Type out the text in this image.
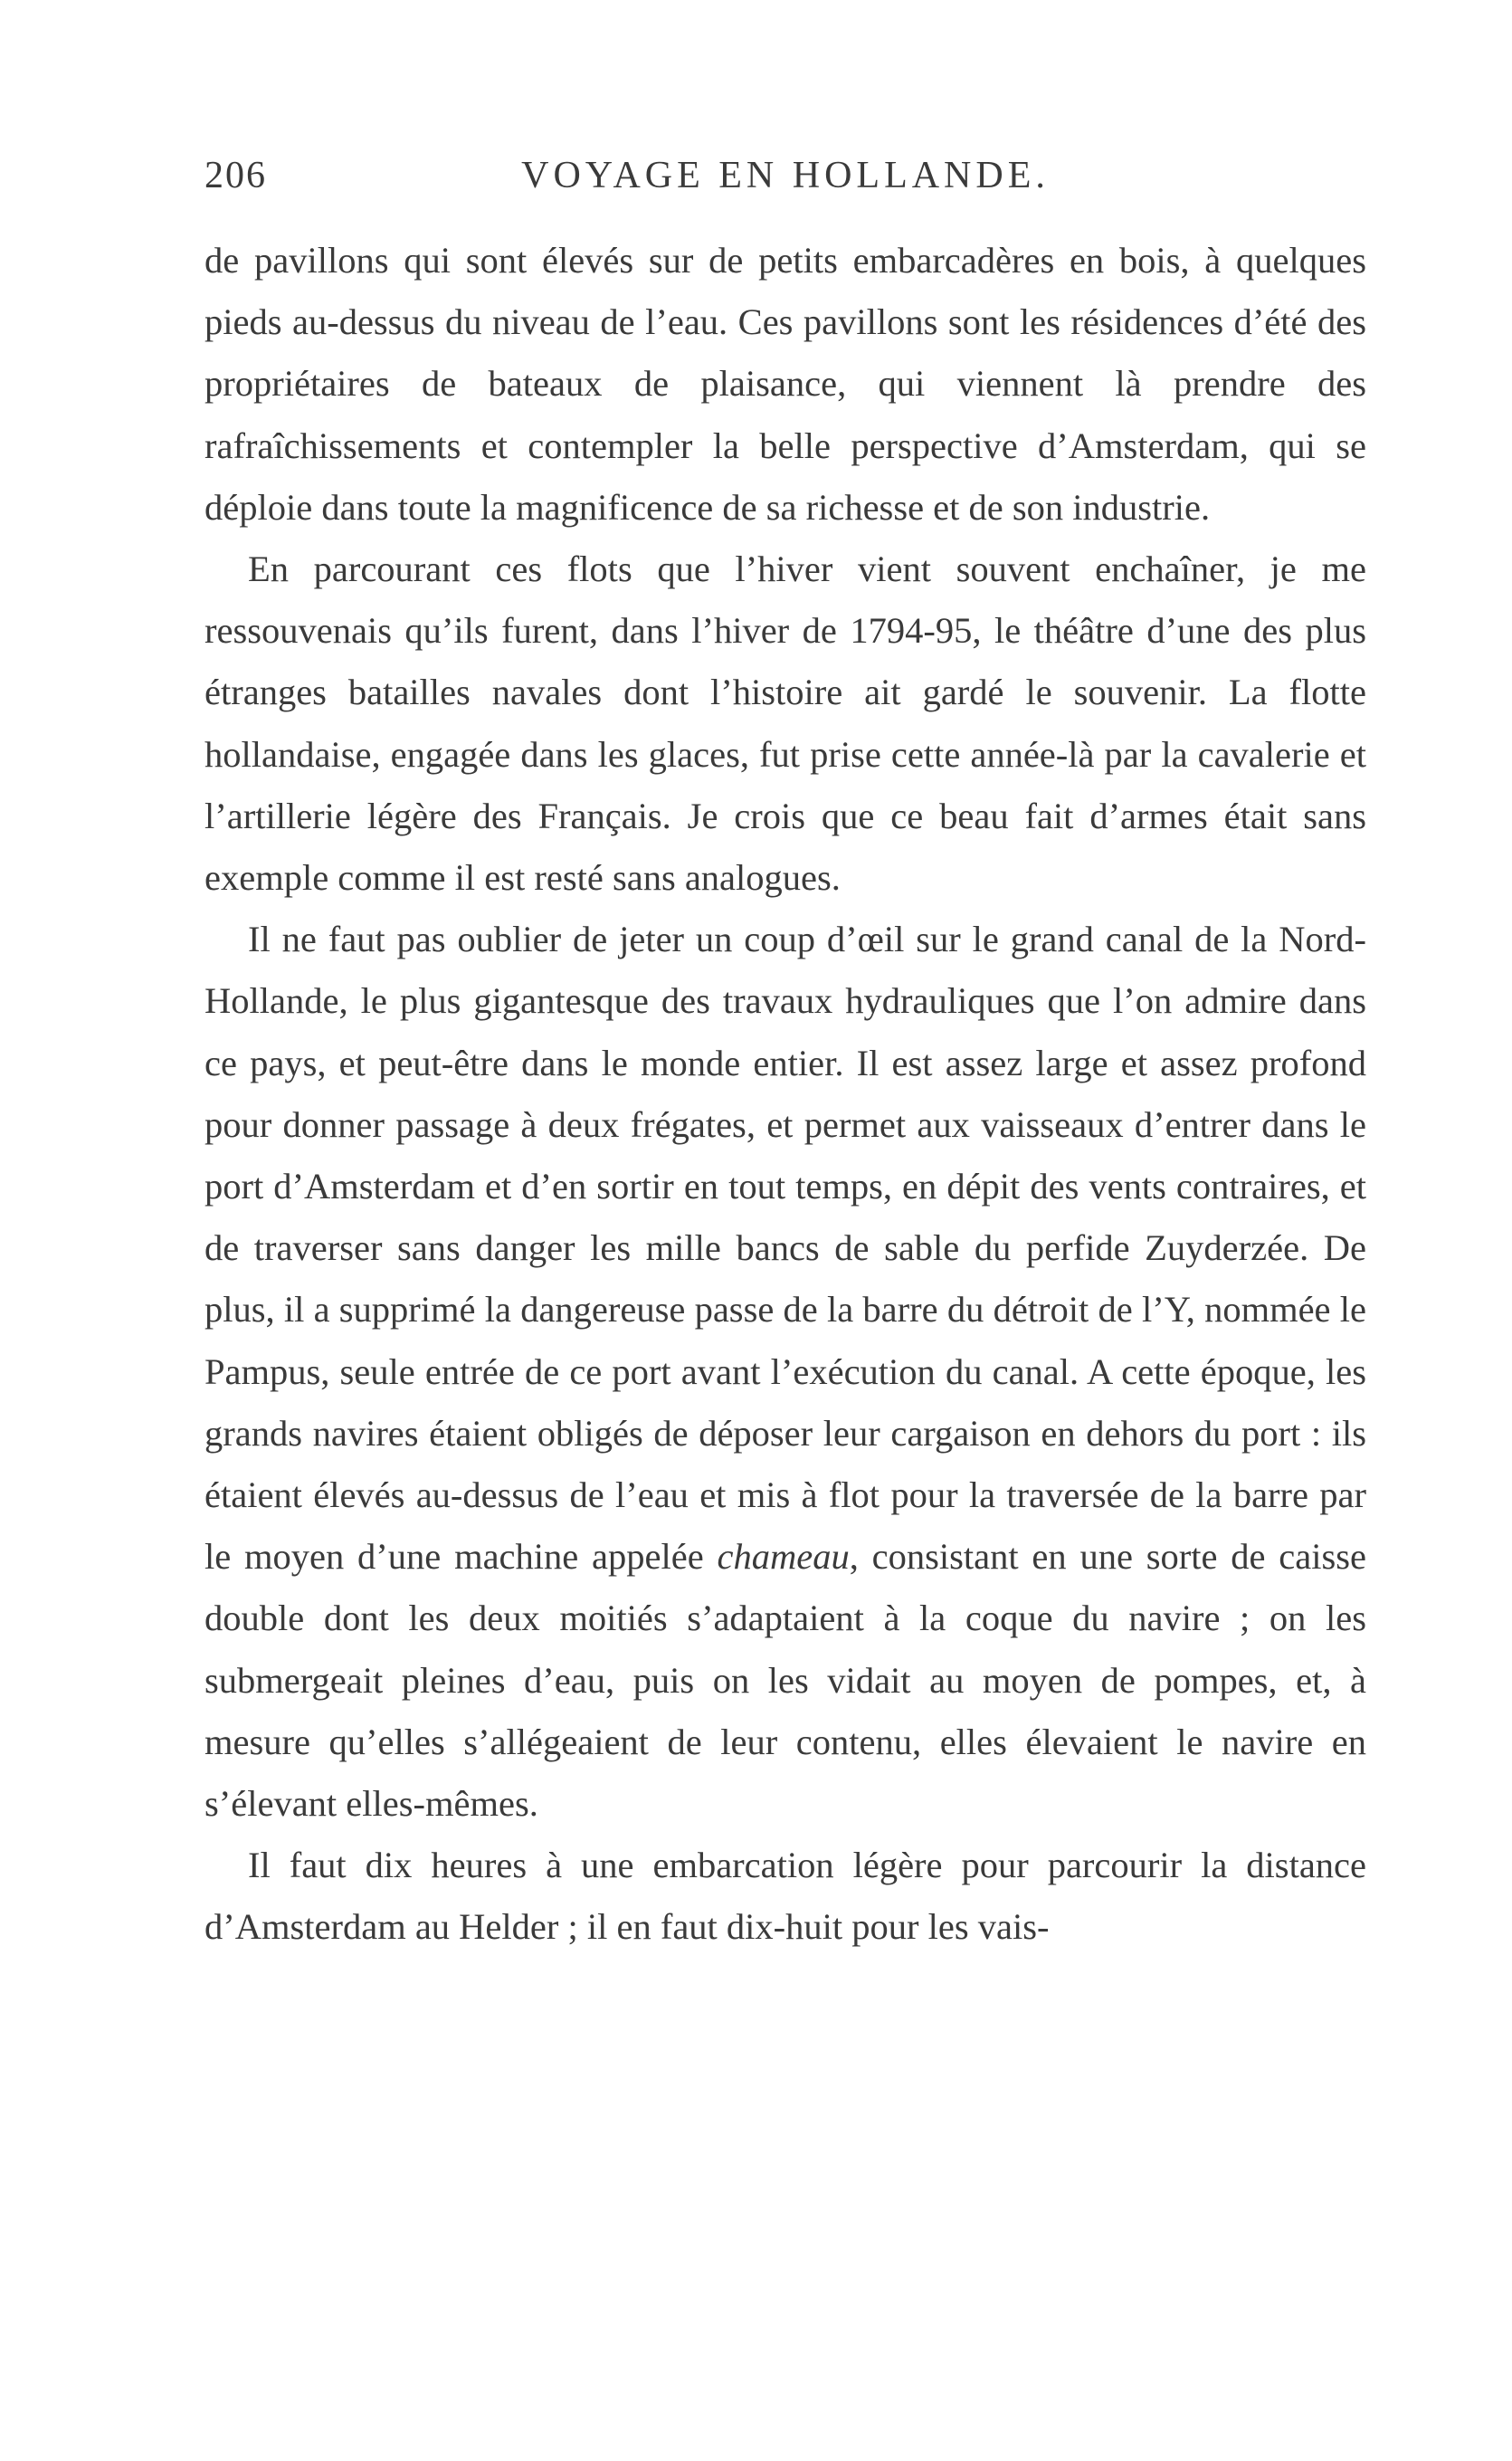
206	VOYAGE EN HOLLANDE.

de pavillons qui sont élevés sur de petits embarcadères en bois, à quelques pieds au-dessus du niveau de l’eau. Ces pavillons sont les résidences d’été des propriétaires de bateaux de plaisance, qui viennent là prendre des rafraîchissements et contempler la belle perspective d’Amsterdam, qui se déploie dans toute la magnificence de sa richesse et de son industrie.

En parcourant ces flots que l’hiver vient souvent enchaîner, je me ressouvenais qu’ils furent, dans l’hiver de 1794-95, le théâtre d’une des plus étranges batailles navales dont l’histoire ait gardé le souvenir. La flotte hollandaise, engagée dans les glaces, fut prise cette année-là par la cavalerie et l’artillerie légère des Français. Je crois que ce beau fait d’armes était sans exemple comme il est resté sans analogues.

Il ne faut pas oublier de jeter un coup d’œil sur le grand canal de la Nord-Hollande, le plus gigantesque des travaux hydrauliques que l’on admire dans ce pays, et peut-être dans le monde entier. Il est assez large et assez profond pour donner passage à deux frégates, et permet aux vaisseaux d’entrer dans le port d’Amsterdam et d’en sortir en tout temps, en dépit des vents contraires, et de traverser sans danger les mille bancs de sable du perfide Zuyderzée. De plus, il a supprimé la dangereuse passe de la barre du détroit de l’Y, nommée le Pampus, seule entrée de ce port avant l’exécution du canal. A cette époque, les grands navires étaient obligés de déposer leur cargaison en dehors du port : ils étaient élevés au-dessus de l’eau et mis à flot pour la traversée de la barre par le moyen d’une machine appelée chameau, consistant en une sorte de caisse double dont les deux moitiés s’adaptaient à la coque du navire ; on les submergeait pleines d’eau, puis on les vidait au moyen de pompes, et, à mesure qu’elles s’allégeaient de leur contenu, elles élevaient le navire en s’élevant elles-mêmes.

Il faut dix heures à une embarcation légère pour parcourir la distance d’Amsterdam au Helder ; il en faut dix-huit pour les vais-
